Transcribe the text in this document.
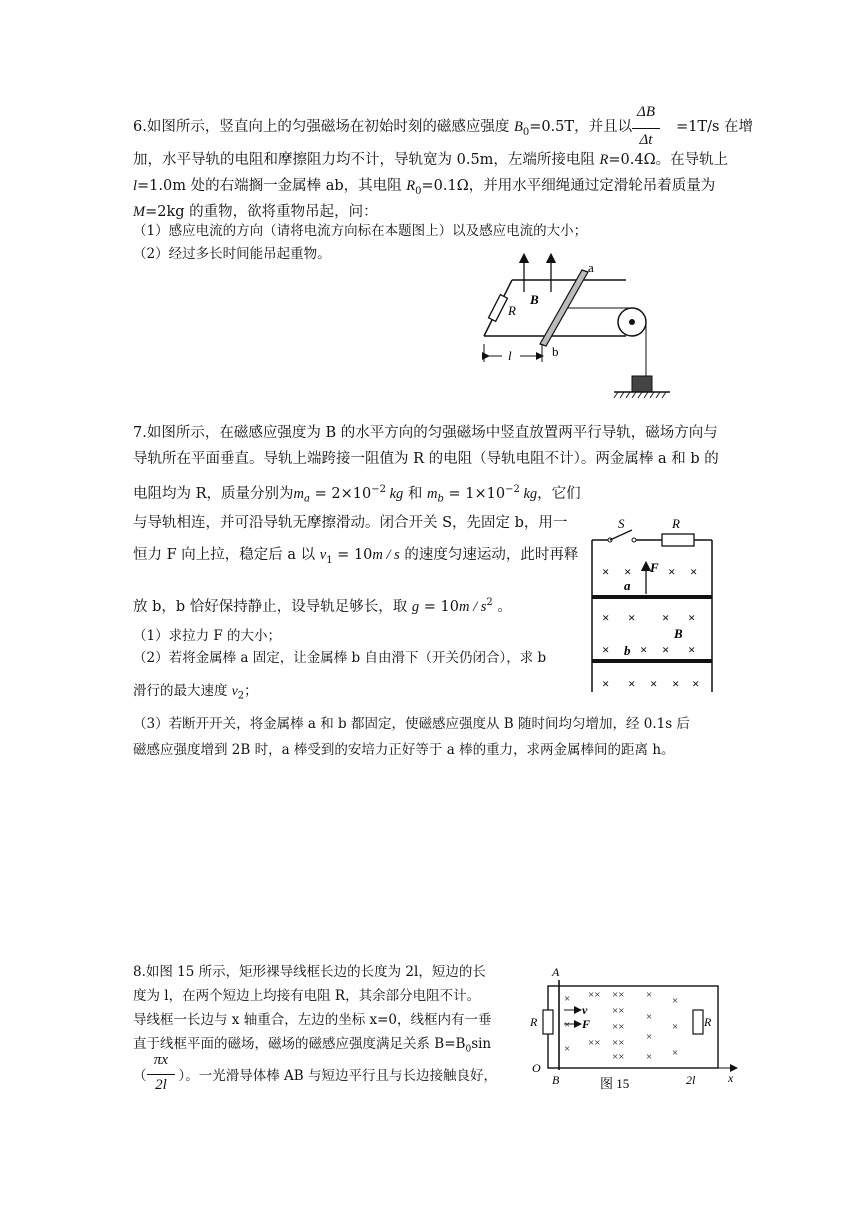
6.如图所示，竖直向上的匀强磁场在初始时刻的磁感应强度 $B_0=0.5T$，并且以	=1T/s 在增
ΔB
Δt
加，水平导轨的电阻和摩擦阻力均不计，导轨宽为 0.5m，左端所接电阻 R=0.4Ω。在导轨上
l=1.0m 处的右端搁一金属棒 ab，其电阻 $R_0=0.1\Omega$，并用水平细绳通过定滑轮吊着质量为
M=2kg 的重物，欲将重物吊起，问：
（1）感应电流的方向（请将电流方向标在本题图上）以及感应电流的大小；
（2）经过多长时间能吊起重物。
R
B
a
b
l
7.如图所示，在磁感应强度为 B 的水平方向的匀强磁场中竖直放置两平行导轨，磁场方向与
导轨所在平面垂直。导轨上端跨接一阻值为 R 的电阻（导轨电阻不计）。两金属棒 a 和 b 的
电阻均为 R，质量分别为$m_a = 2\times 10^{-2}$ kg 和 $m_b = 1\times 10^{-2}$ kg，它们
与导轨相连，并可沿导轨无摩擦滑动。闭合开关 S，先固定 b，用一
恒力 F 向上拉，稳定后 a 以 $v_1 = 10m / s$ 的速度匀速运动，此时再释
放 b，b 恰好保持静止，设导轨足够长，取 $g = 10m / s^2$ 。
（1）求拉力 F 的大小；
（2）若将金属棒 a 固定，让金属棒 b 自由滑下（开关仍闭合），求 b
滑行的最大速度 $v_2$；
（3）若断开开关，将金属棒 a 和 b 都固定，使磁感应强度从 B 随时间均匀增加，经 0.1s 后
磁感应强度增到 2B 时，a 棒受到的安培力正好等于 a 棒的重力，求两金属棒间的距离 h。
S	R
F
a
B
b
× ×	× ×
× × × ×
× × × ×
× × × × ×
8.如图 15 所示，矩形裸导线框长边的长度为 2l，短边的长
度为 l，在两个短边上均接有电阻 R，其余部分电阻不计。
导线框一长边与 x 轴重合，左边的坐标 x=0，线框内有一垂
直于线框平面的磁场，磁场的磁感应强度满足关系 $B=B_0\sin$
（ ）。一光滑导体棒 AB 与短边平行且与长边接触良好，
πx
2l
R	R
A
B
O
x
2l
v
F
×
×
×
×× ××
××
××
×× ××
××
×
×
×
×
×
×
×
图 15
